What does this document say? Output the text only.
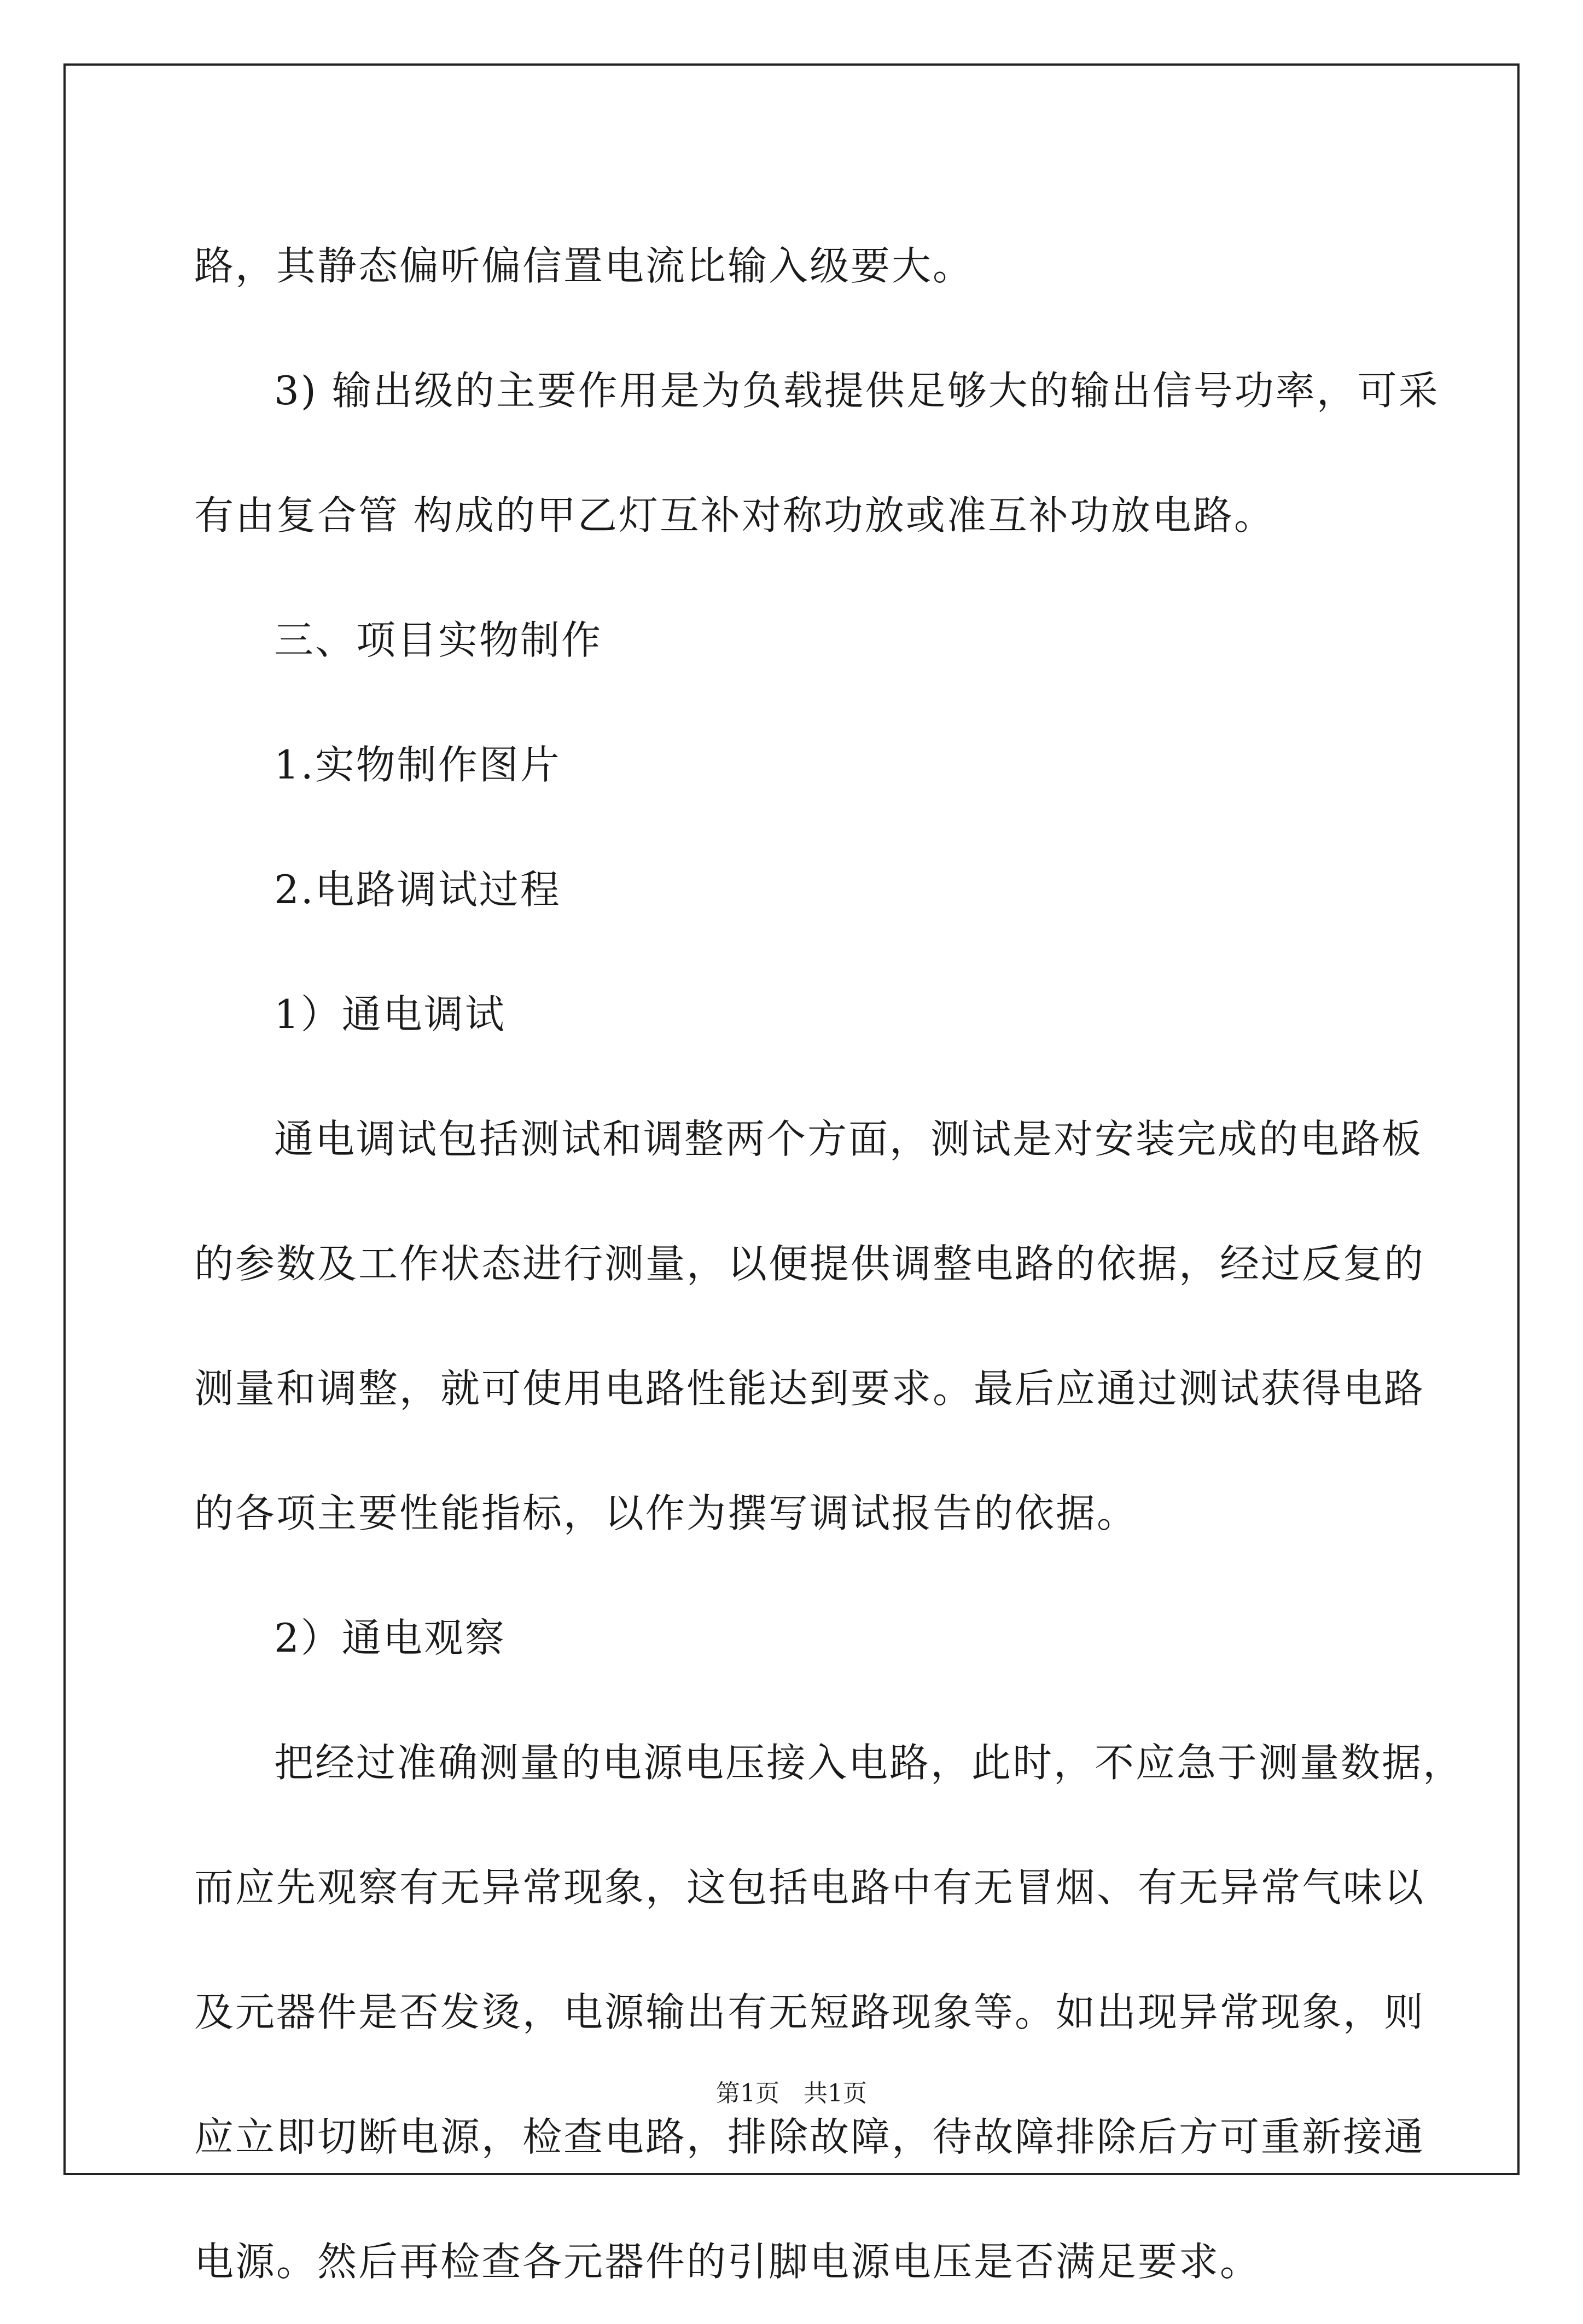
路，其静态偏听偏信置电流比输入级要大。
3) 输出级的主要作用是为负载提供足够大的输出信号功率，可采
有由复合管 构成的甲乙灯互补对称功放或准互补功放电路。
三、项目实物制作
1.实物制作图片
2.电路调试过程
1）通电调试
通电调试包括测试和调整两个方面，测试是对安装完成的电路板
的参数及工作状态进行测量，以便提供调整电路的依据，经过反复的
测量和调整，就可使用电路性能达到要求。最后应通过测试获得电路
的各项主要性能指标，以作为撰写调试报告的依据。
2）通电观察
把经过准确测量的电源电压接入电路，此时，不应急于测量数据，
而应先观察有无异常现象，这包括电路中有无冒烟、有无异常气味以
及元器件是否发烫，电源输出有无短路现象等。如出现异常现象，则
应立即切断电源，检查电路，排除故障，待故障排除后方可重新接通
电源。然后再检查各元器件的引脚电源电压是否满足要求。
第1页　共1页
